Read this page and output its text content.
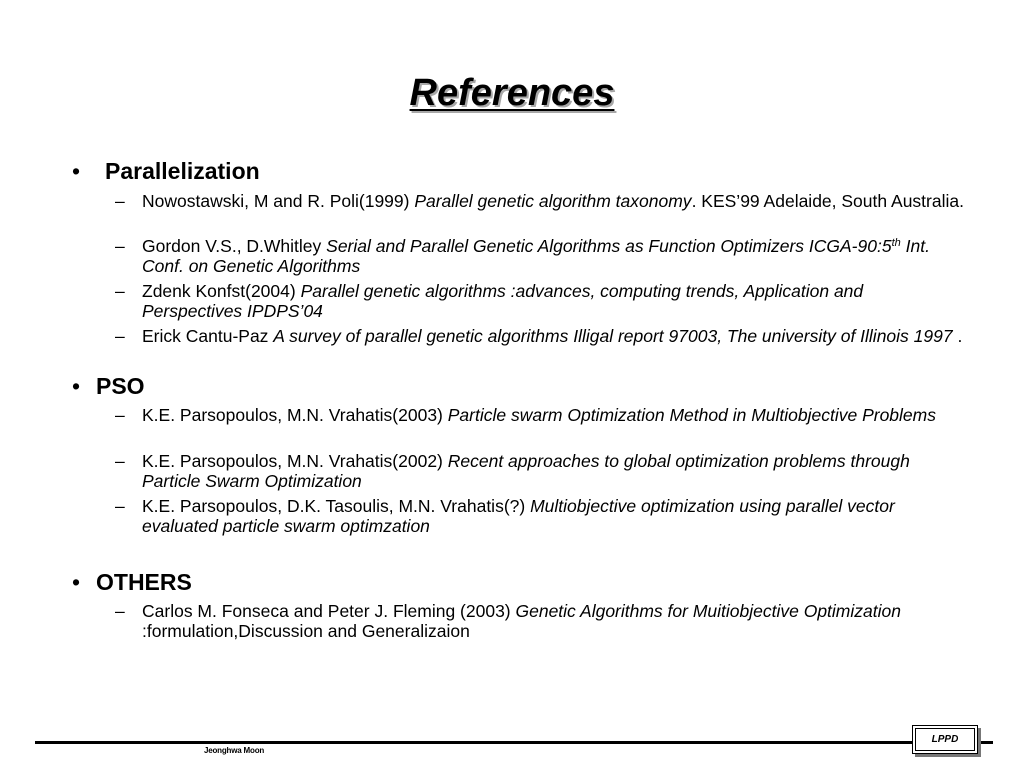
References
• Parallelization
– Nowostawski, M and R. Poli(1999) Parallel genetic algorithm taxonomy. KES’99 Adelaide, South Australia.
– Gordon V.S., D.Whitley Serial and Parallel Genetic Algorithms as Function Optimizers ICGA-90:5th Int. Conf. on Genetic Algorithms
– Zdenk Konfst(2004) Parallel genetic algorithms :advances, computing trends, Application and Perspectives IPDPS’04
– Erick Cantu-Paz A survey of parallel genetic algorithms Illigal report 97003, The university of Illinois 1997 .
• PSO
– K.E. Parsopoulos, M.N. Vrahatis(2003) Particle swarm Optimization Method in Multiobjective Problems
– K.E. Parsopoulos, M.N. Vrahatis(2002) Recent approaches to global optimization problems through Particle Swarm Optimization
– K.E. Parsopoulos, D.K. Tasoulis, M.N. Vrahatis(?) Multiobjective optimization using parallel vector evaluated particle swarm optimzation
• OTHERS
– Carlos M. Fonseca and Peter J. Fleming (2003) Genetic Algorithms for Muitiobjective Optimization :formulation,Discussion and Generalizaion
Jeonghwa Moon
LPPD
